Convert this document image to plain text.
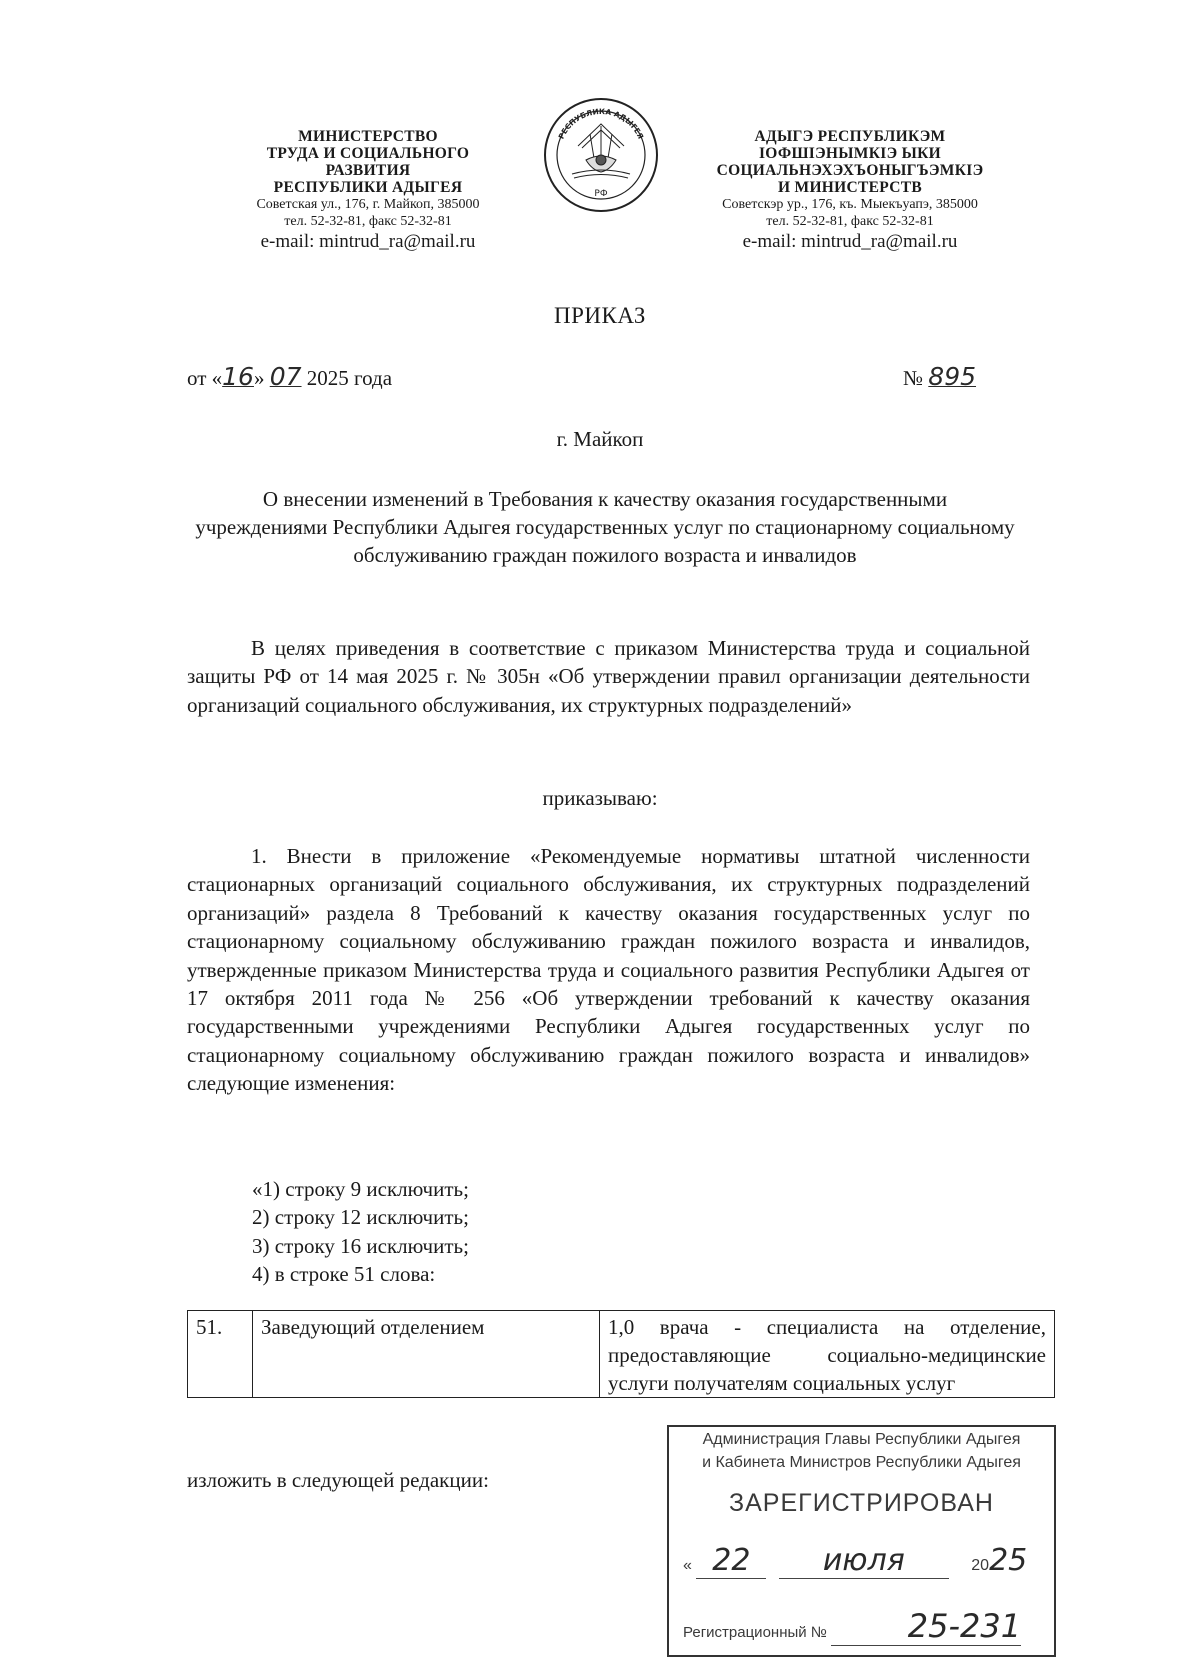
МИНИСТЕРСТВО
ТРУДА И СОЦИАЛЬНОГО
РАЗВИТИЯ
РЕСПУБЛИКИ АДЫГЕЯ
Советская ул., 176, г. Майкоп, 385000
тел. 52-32-81, факс 52-32-81
e-mail: mintrud_ra@mail.ru
РЕСПУБЛИКА АДЫГЕЯ
РФ
АДЫГЭ РЕСПУБЛИКЭМ
ІОФШІЭНЫМКІЭ ЫКИ
СОЦИАЛЬНЭХЭХЪОНЫГЪЭМКІЭ
И МИНИСТЕРСТВ
Советскэр ур., 176, къ. Мыекъуапэ, 385000
тел. 52-32-81, факс 52-32-81
e-mail: mintrud_ra@mail.ru
ПРИКАЗ
от «16» 07 2025 года	№ 895
г. Майкоп
О внесении изменений в Требования к качеству оказания государственными учреждениями Республики Адыгея государственных услуг по стационарному социальному обслуживанию граждан пожилого возраста и инвалидов
В целях приведения в соответствие с приказом Министерства труда и социальной защиты РФ от 14 мая 2025 г. № 305н «Об утверждении правил организации деятельности организаций социального обслуживания, их структурных подразделений»
приказываю:
1. Внести в приложение «Рекомендуемые нормативы штатной численности стационарных организаций социального обслуживания, их структурных подразделений организаций» раздела 8 Требований к качеству оказания государственных услуг по стационарному социальному обслуживанию граждан пожилого возраста и инвалидов, утвержденные приказом Министерства труда и социального развития Республики Адыгея от 17 октября 2011 года № 256 «Об утверждении требований к качеству оказания государственными учреждениями Республики Адыгея государственных услуг по стационарному социальному обслуживанию граждан пожилого возраста и инвалидов» следующие изменения:
«1) строку 9 исключить;
2) строку 12 исключить;
3) строку 16 исключить;
4) в строке 51 слова:
51.	Заведующий отделением	1,0 врача - специалиста на отделение, предоставляющие социально-медицинские услуги получателям социальных услуг
изложить в следующей редакции:
Администрация Главы Республики Адыгея
и Кабинета Министров Республики Адыгея
ЗАРЕГИСТРИРОВАН
« 22 июля	2025
Регистрационный №	25-231
